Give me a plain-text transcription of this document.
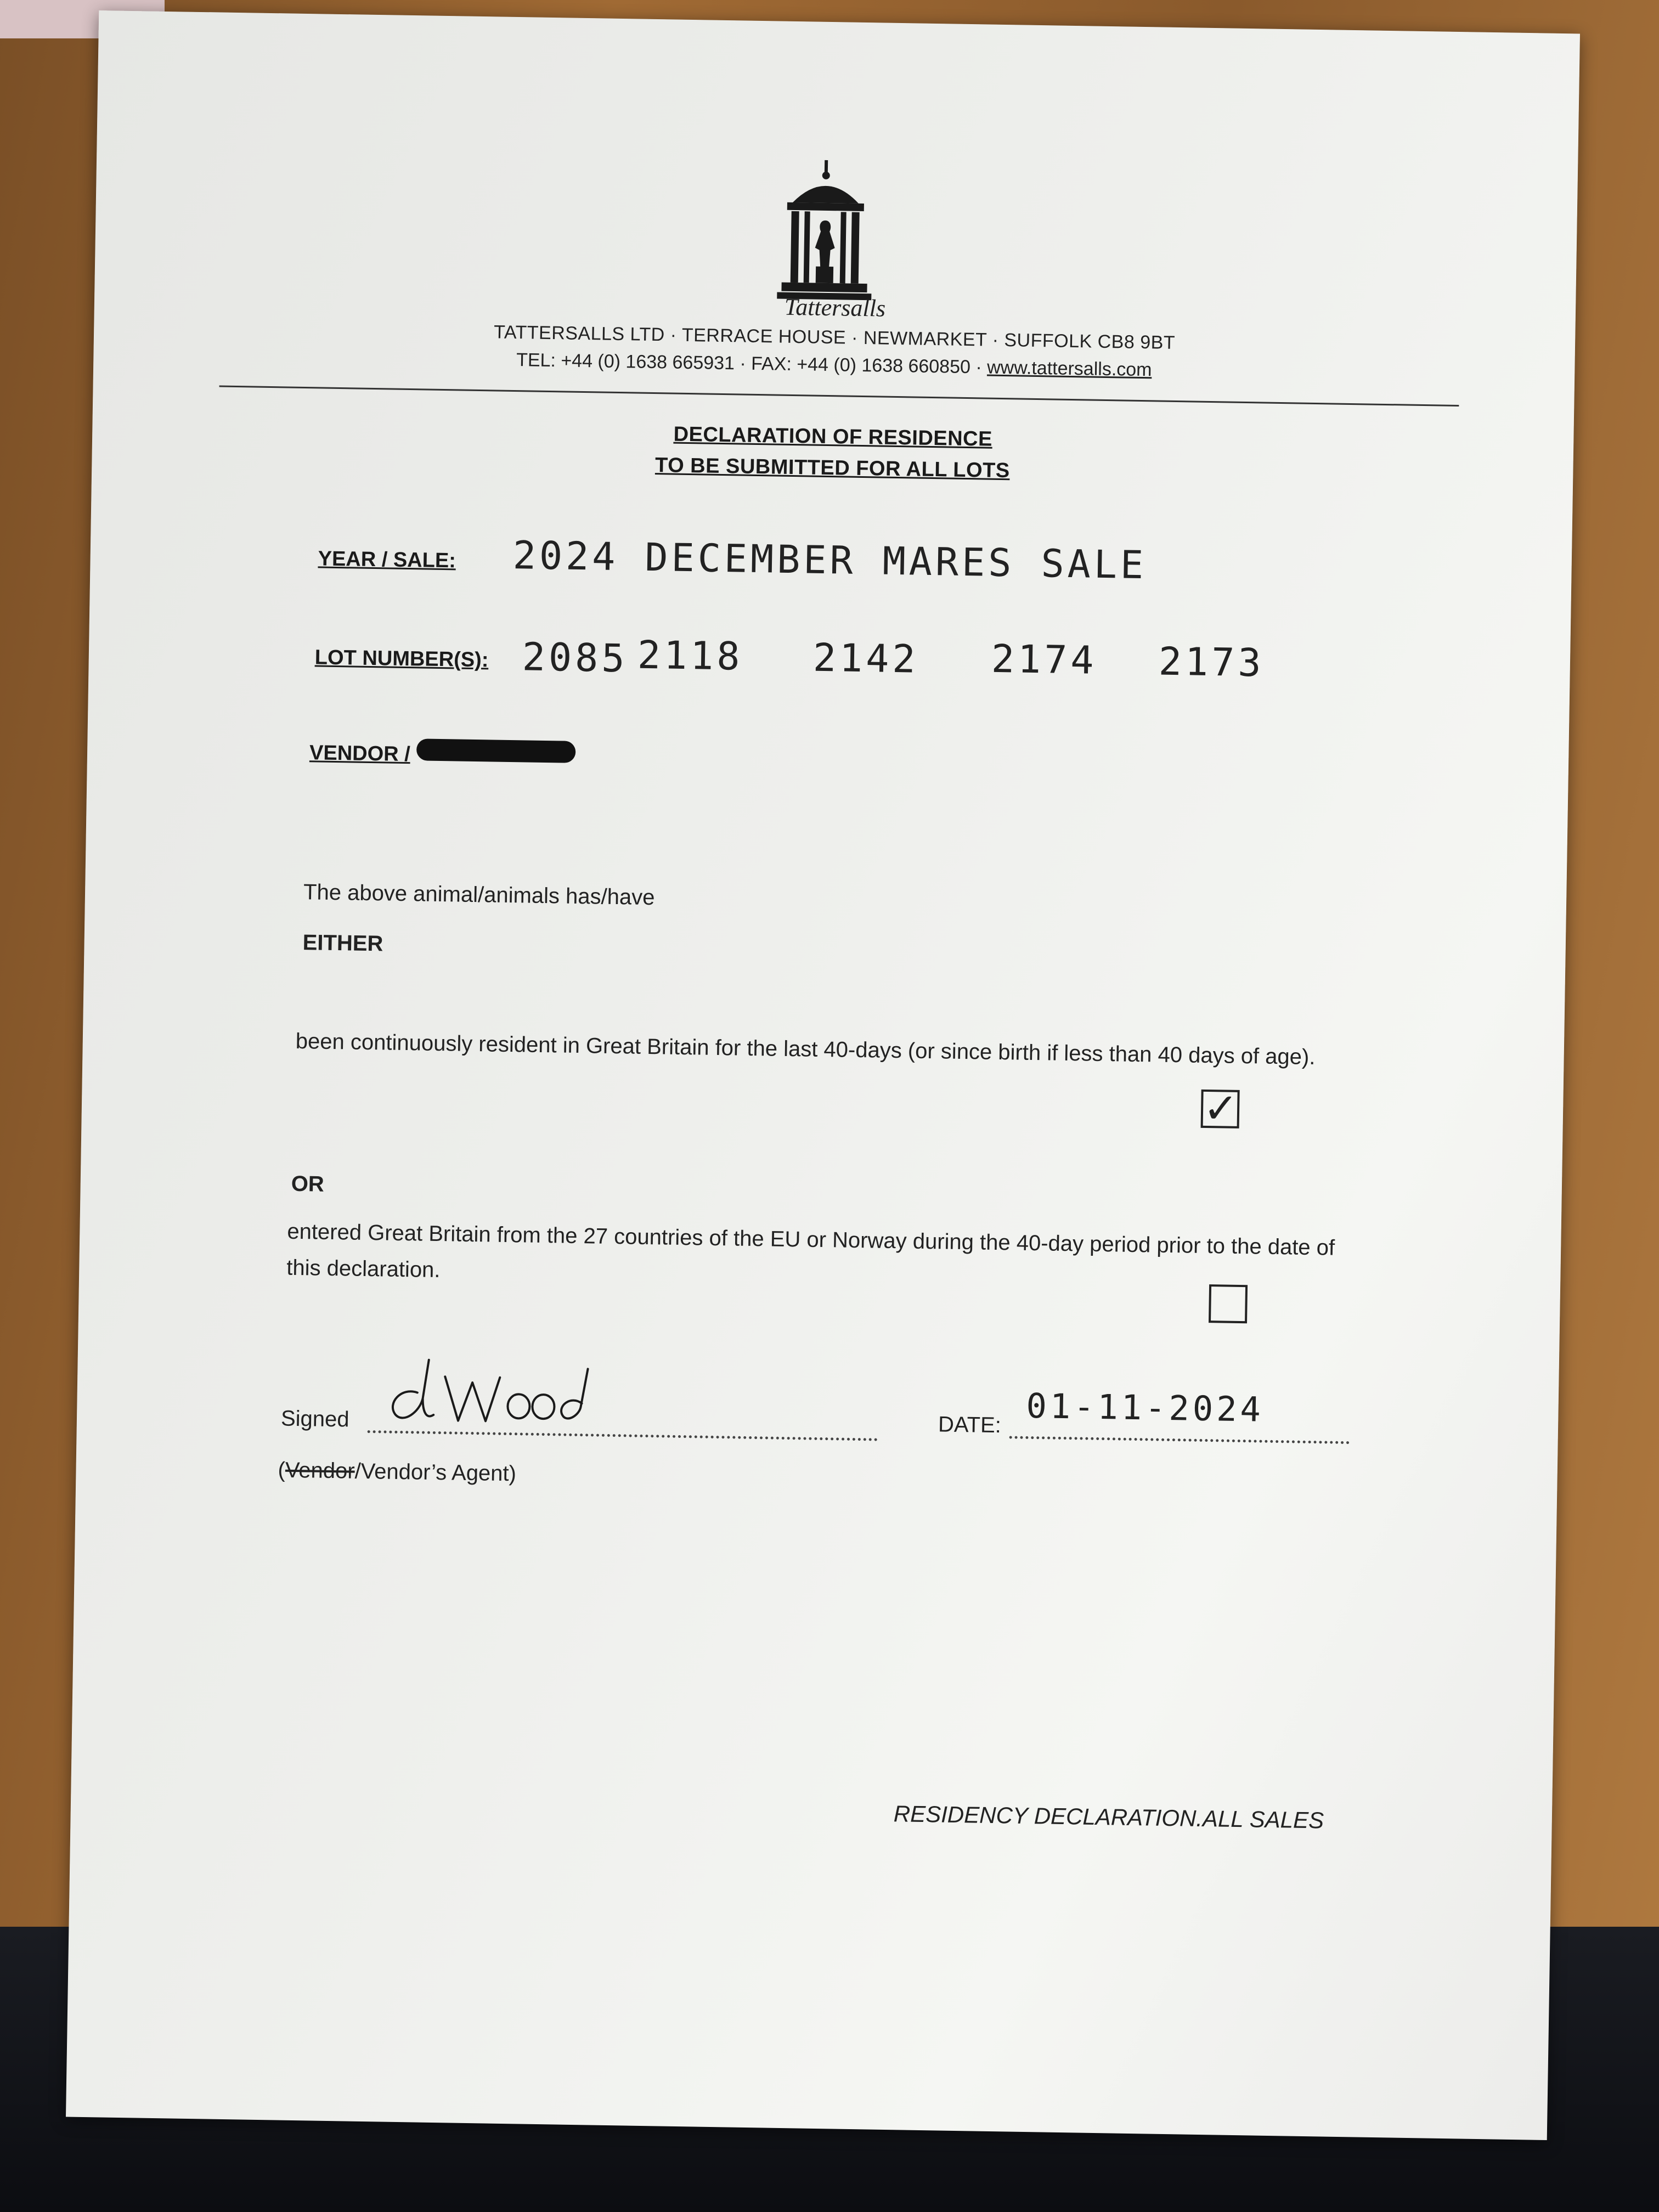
Tattersalls
TATTERSALLS LTD · TERRACE HOUSE · NEWMARKET · SUFFOLK CB8 9BT
TEL: +44 (0) 1638 665931 · FAX: +44 (0) 1638 660850 · www.tattersalls.com
DECLARATION OF RESIDENCE
TO BE SUBMITTED FOR ALL LOTS
YEAR / SALE: 2024 DECEMBER MARES SALE
LOT NUMBER(S): 2085 2118 2142 2174 2173
VENDOR /
The above animal/animals has/have
EITHER
been continuously resident in Great Britain for the last 40-days (or since birth if less than 40 days of age).
✓
OR
entered Great Britain from the 27 countries of the EU or Norway during the 40-day period prior to the date of this declaration.
Signed	DATE: 01-11-2024
(Vendor/Vendor’s Agent)
RESIDENCY DECLARATION.ALL SALES
